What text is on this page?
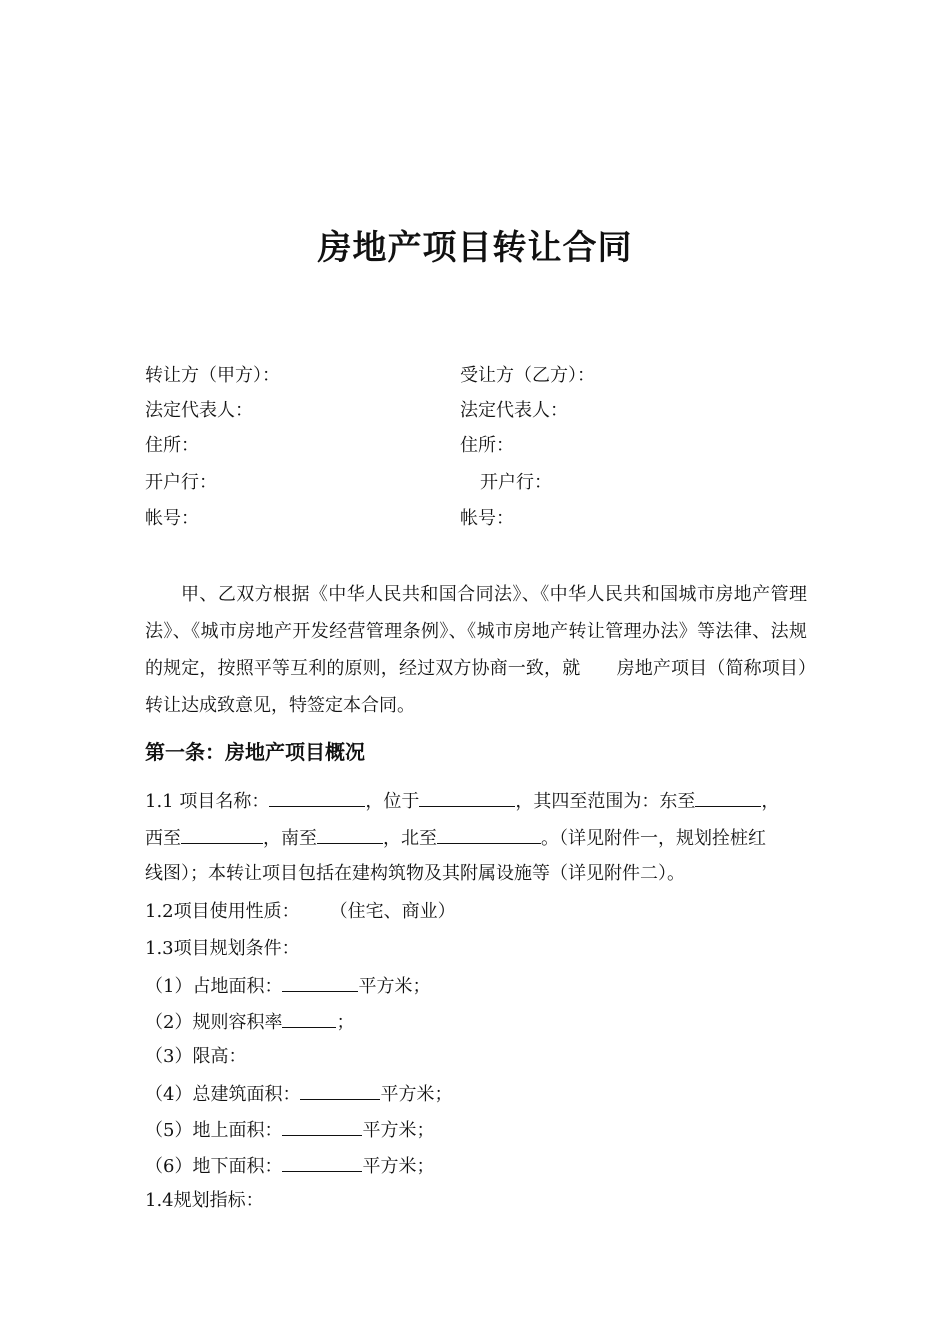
房地产项目转让合同
转让方（甲方）：	受让方（乙方）：
法定代表人：	法定代表人：
住所：	住所：
开户行：	开户行：
帐号：	帐号：

甲、乙双方根据《中华人民共和国合同法》、《中华人民共和国城市房地产管理法》、《城市房地产开发经营管理条例》、《城市房地产转让管理办法》等法律、法规的规定，按照平等互利的原则，经过双方协商一致，就　　房地产项目（简称项目）转让达成致意见，特签定本合同。

第一条：房地产项目概况
1.1 项目名称：	，位于	，其四至范围为：东至	，
西至	，南至	，北至	。（详见附件一，规划拴桩红
线图）；本转让项目包括在建构筑物及其附属设施等（详见附件二）。
1.2项目使用性质： （住宅、商业）
1.3项目规划条件：
（1）占地面积：	平方米；
（2）规则容积率	；
（3）限高：
（4）总建筑面积：	平方米；
（5）地上面积：	平方米；
（6）地下面积：	平方米；
1.4规划指标：
